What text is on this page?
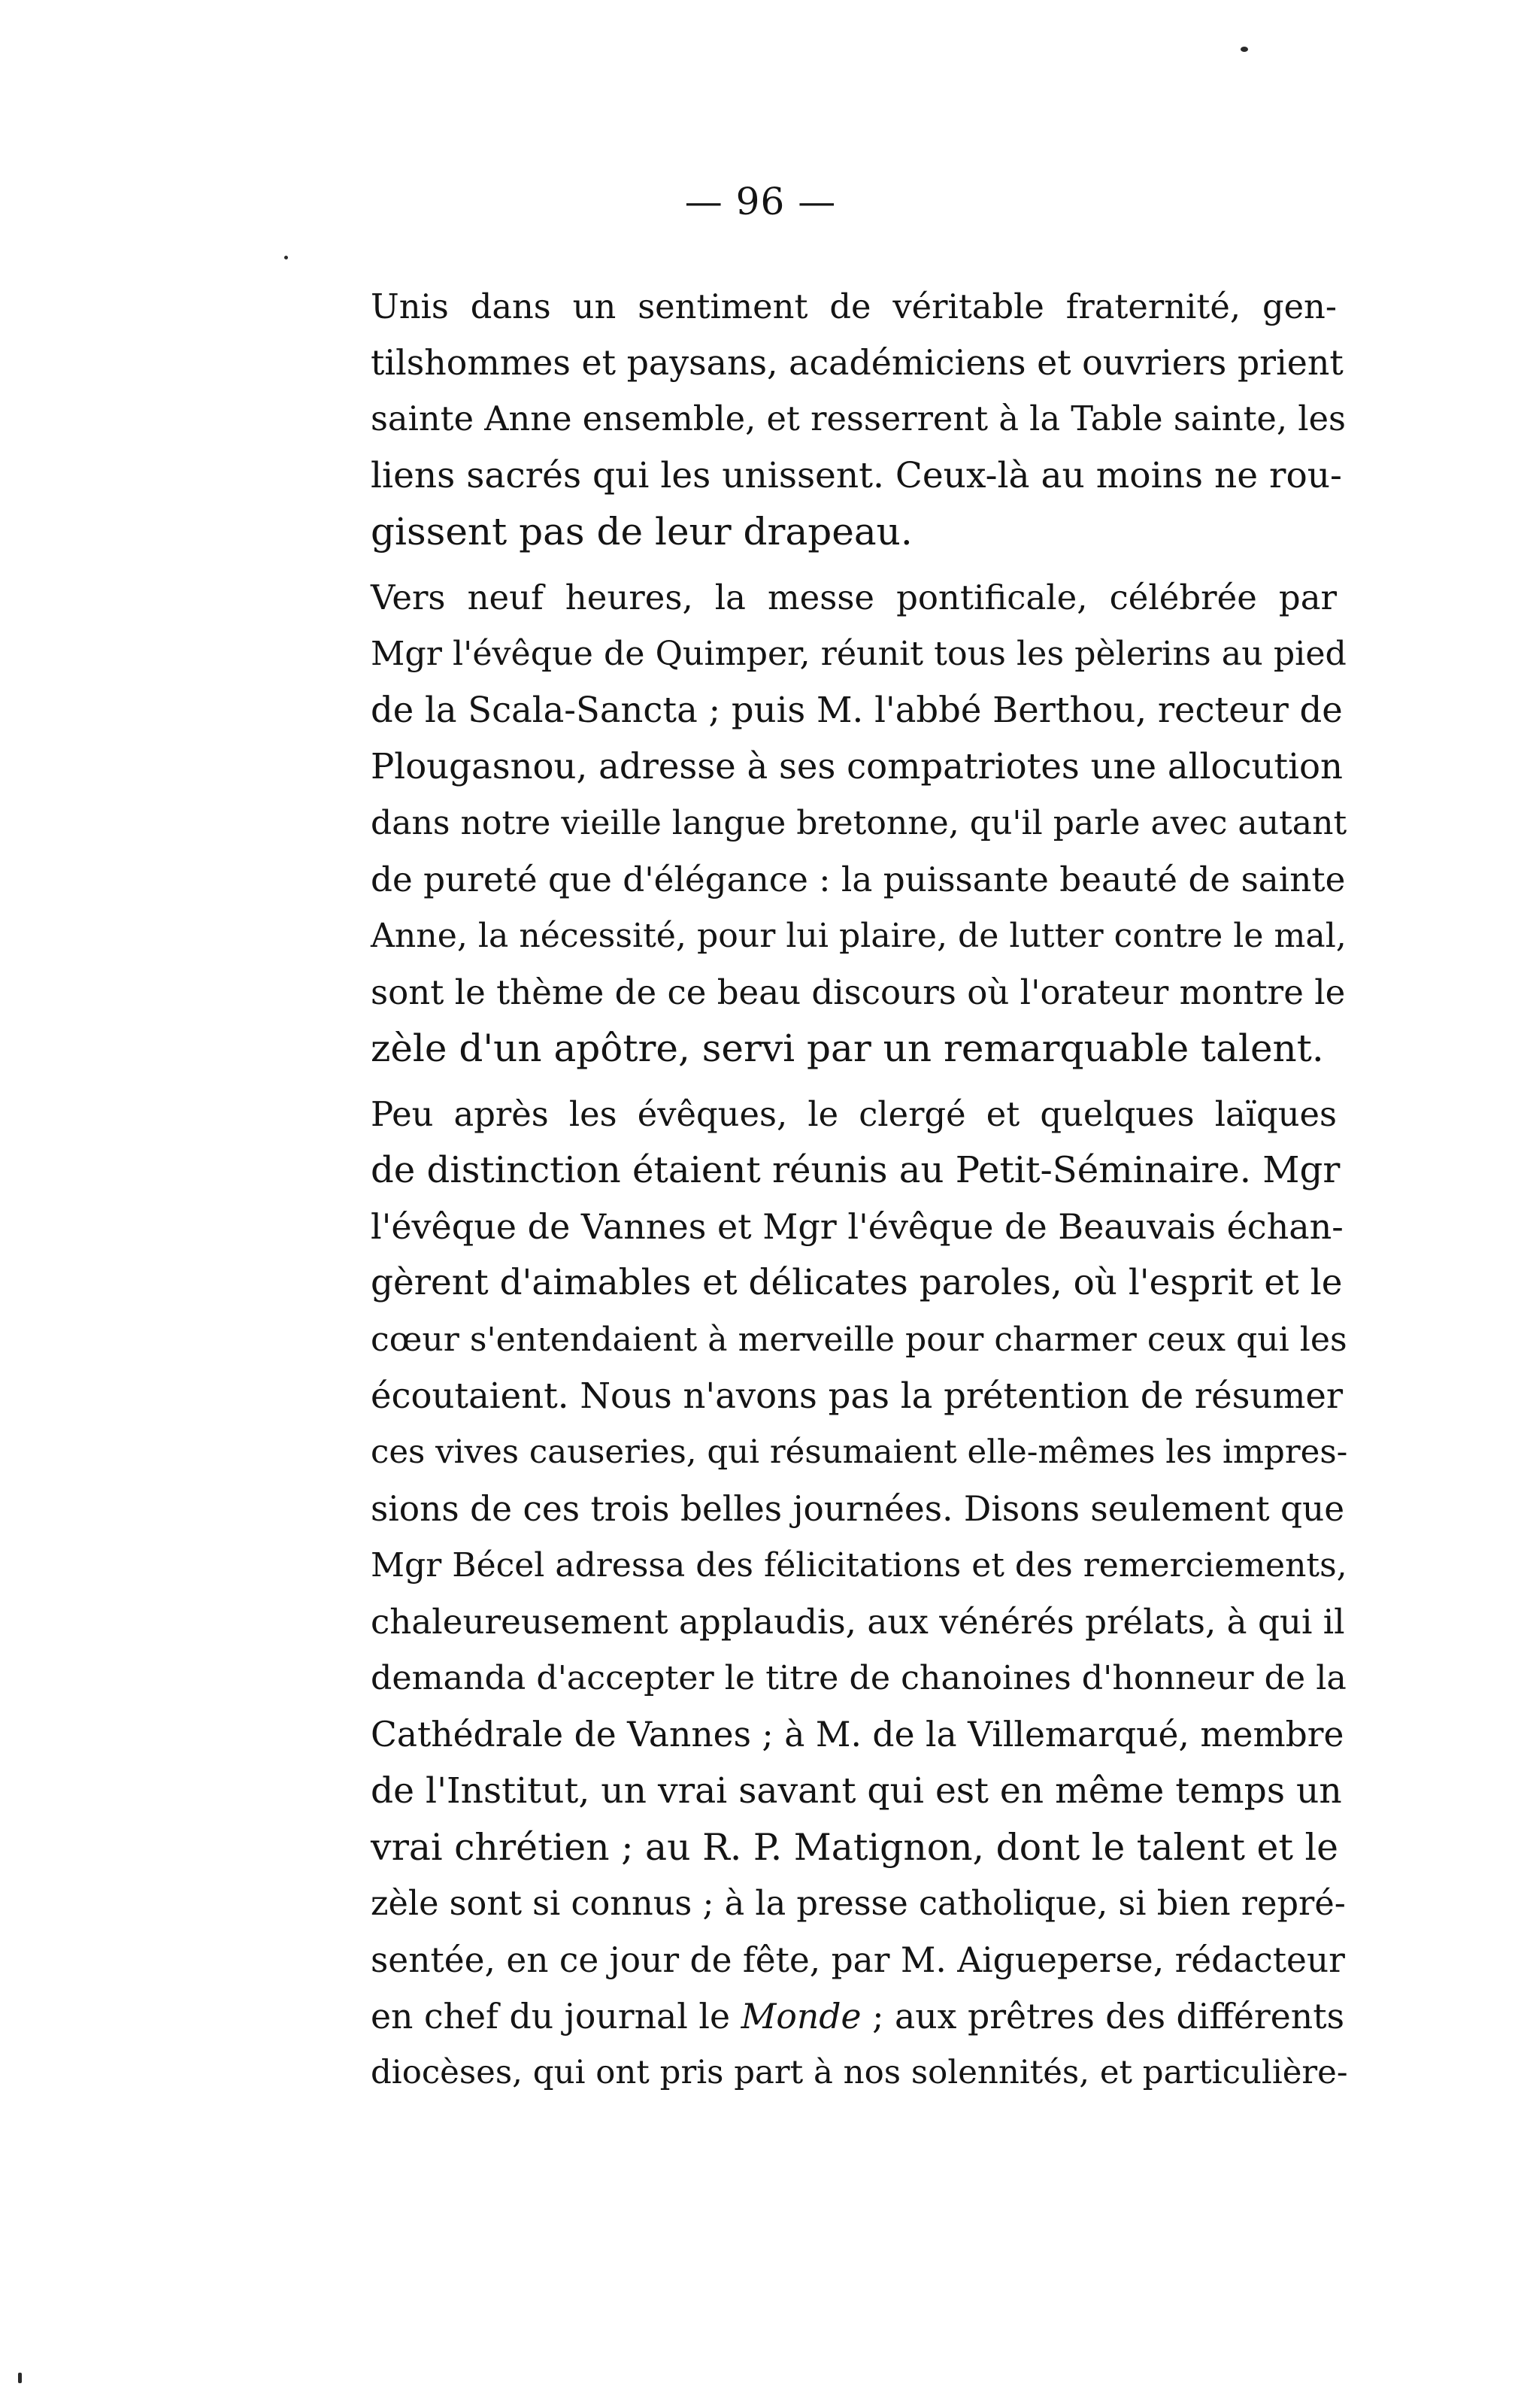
— 96 —

Unis dans un sentiment de véritable fraternité, gen-
tilshommes et paysans, académiciens et ouvriers prient
sainte Anne ensemble, et resserrent à la Table sainte, les
liens sacrés qui les unissent. Ceux-là au moins ne rou-
gissent pas de leur drapeau.

Vers neuf heures, la messe pontificale, célébrée par
Mgr l'évêque de Quimper, réunit tous les pèlerins au pied
de la Scala-Sancta ; puis M. l'abbé Berthou, recteur de
Plougasnou, adresse à ses compatriotes une allocution
dans notre vieille langue bretonne, qu'il parle avec autant
de pureté que d'élégance : la puissante beauté de sainte
Anne, la nécessité, pour lui plaire, de lutter contre le mal,
sont le thème de ce beau discours où l'orateur montre le
zèle d'un apôtre, servi par un remarquable talent.

Peu après les évêques, le clergé et quelques laïques
de distinction étaient réunis au Petit-Séminaire. Mgr
l'évêque de Vannes et Mgr l'évêque de Beauvais échan-
gèrent d'aimables et délicates paroles, où l'esprit et le
cœur s'entendaient à merveille pour charmer ceux qui les
écoutaient. Nous n'avons pas la prétention de résumer
ces vives causeries, qui résumaient elle-mêmes les impres-
sions de ces trois belles journées. Disons seulement que
Mgr Bécel adressa des félicitations et des remerciements,
chaleureusement applaudis, aux vénérés prélats, à qui il
demanda d'accepter le titre de chanoines d'honneur de la
Cathédrale de Vannes ; à M. de la Villemarqué, membre
de l'Institut, un vrai savant qui est en même temps un
vrai chrétien ; au R. P. Matignon, dont le talent et le
zèle sont si connus ; à la presse catholique, si bien repré-
sentée, en ce jour de fête, par M. Aigueperse, rédacteur
en chef du journal le Monde ; aux prêtres des différents
diocèses, qui ont pris part à nos solennités, et particulière-
